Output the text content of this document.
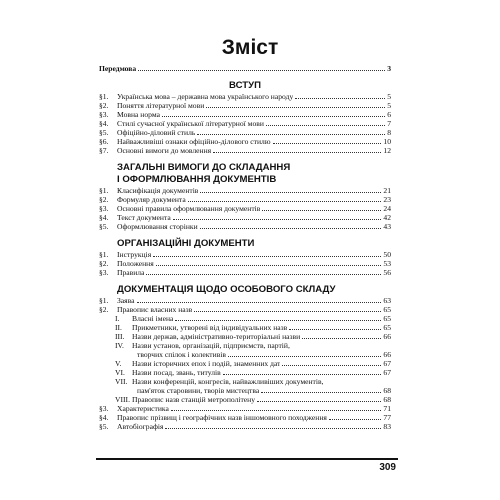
Зміст
Передмова	3
ВСТУП
§1.	Українська мова – державна мова українського народу	5
§2.	Поняття літературної мови	5
§3.	Мовна норма	6
§4.	Стилі сучасної української літературної мови	7
§5.	Офіційно-діловий стиль	8
§6.	Найважливіші ознаки офіційно-ділового стилю	10
§7.	Основні вимоги до мовлення	12
ЗАГАЛЬНІ ВИМОГИ ДО СКЛАДАННЯ
І ОФОРМЛЮВАННЯ ДОКУМЕНТІВ
§1.	Класифікація документів	21
§2.	Формуляр документа	23
§3.	Основні правила оформлювання документів	24
§4.	Текст документа	42
§5.	Оформлювання сторінки	43
ОРГАНІЗАЦІЙНІ ДОКУМЕНТИ
§1.	Інструкція	50
§2.	Положення	53
§3.	Правила	56
ДОКУМЕНТАЦІЯ ЩОДО ОСОБОВОГО СКЛАДУ
§1.	Заява	63
§2.	Правопис власних назв	65
I.	Власні імена	65
II.	Прикметники, утворені від індивідуальних назв	65
III. Назви держав, адміністративно-територіальні назви	66
IV.	Назви установ, організацій, підприємств, партій,
творчих спілок і колективів	66
V.	Назви історичних епох і подій, знаменних дат	67
VI. Назви посад, звань, титулів	67
VII. Назви конференцій, конгресів, найважливіших документів,
пам'яток старовини, творів мистецтва	68
VIII. Правопис назв станцій метрополітену	68
§3.	Характеристика	71
§4.	Правопис прізвищ і географічних назв іншомовного походження	77
§5.	Автобіографія	83
309
